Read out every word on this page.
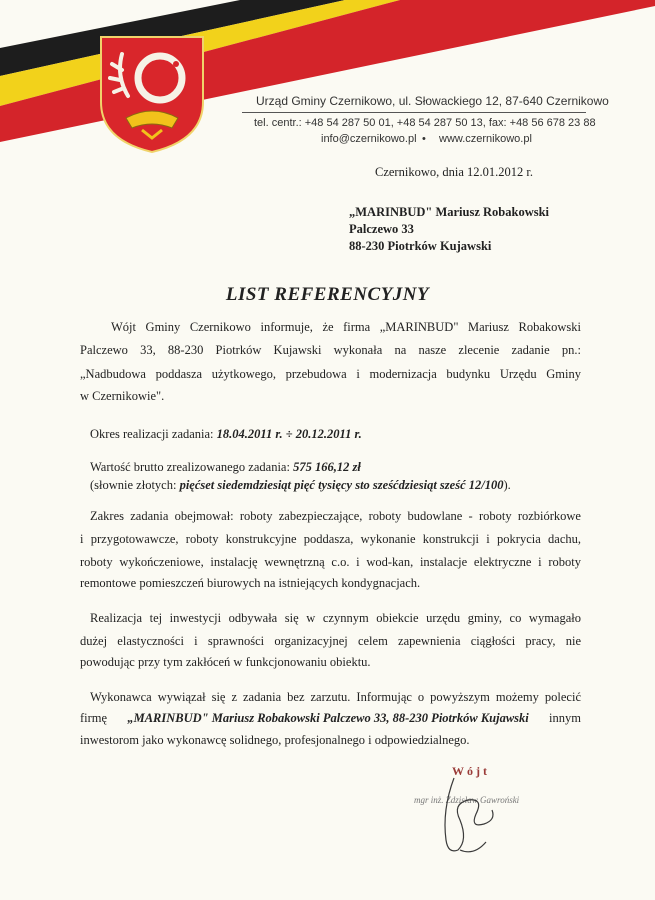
Urząd Gminy Czernikowo, ul. Słowackiego 12, 87-640 Czernikowo
tel. centr.: +48 54 287 50 01, +48 54 287 50 13, fax: +48 56 678 23 88
info@czernikowo.pl • www.czernikowo.pl
Czernikowo, dnia 12.01.2012 r.
„MARINBUD" Mariusz Robakowski
Palczewo 33
88-230 Piotrków Kujawski
LIST REFERENCYJNY
Wójt Gminy Czernikowo informuje, że firma „MARINBUD" Mariusz Robakowski
Palczewo 33, 88-230 Piotrków Kujawski wykonała na nasze zlecenie zadanie pn.:
„Nadbudowa poddasza użytkowego, przebudowa i modernizacja budynku Urzędu Gminy
w Czernikowie".
Okres realizacji zadania: 18.04.2011 r. ÷ 20.12.2011 r.
Wartość brutto zrealizowanego zadania: 575 166,12 zł
(słownie złotych: pięćset siedemdziesiąt pięć tysięcy sto sześćdziesiąt sześć 12/100).
Zakres zadania obejmował: roboty zabezpieczające, roboty budowlane - roboty rozbiórkowe
i przygotowawcze, roboty konstrukcyjne poddasza, wykonanie konstrukcji i pokrycia dachu,
roboty wykończeniowe, instalację wewnętrzną c.o. i wod-kan, instalacje elektryczne i roboty
remontowe pomieszczeń biurowych na istniejących kondygnacjach.
Realizacja tej inwestycji odbywała się w czynnym obiekcie urzędu gminy, co wymagało
dużej elastyczności i sprawności organizacyjnej celem zapewnienia ciągłości pracy, nie
powodując przy tym zakłóceń w funkcjonowaniu obiektu.
Wykonawca wywiązał się z zadania bez zarzutu. Informując o powyższym możemy polecić
firmę „MARINBUD" Mariusz Robakowski Palczewo 33, 88-230 Piotrków Kujawski innym
inwestorom jako wykonawcę solidnego, profesjonalnego i odpowiedzialnego.
Wójt
mgr inż. Zdzisław Gawroński
